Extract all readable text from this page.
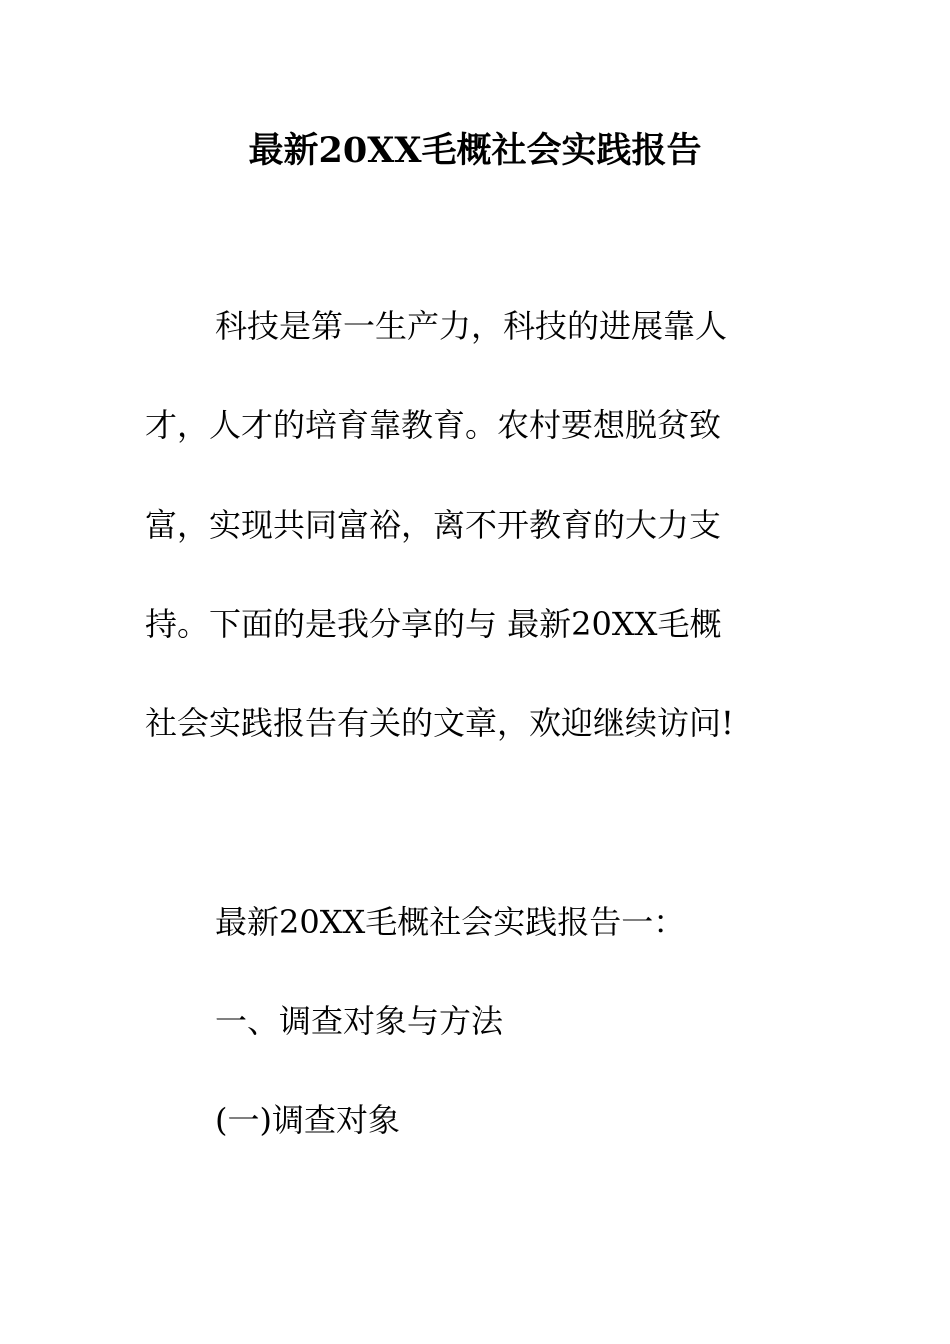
最新20XX毛概社会实践报告
科技是第一生产力，科技的进展靠人
才，人才的培育靠教育。农村要想脱贫致
富，实现共同富裕，离不开教育的大力支
持。下面的是我分享的与 最新20XX毛概
社会实践报告有关的文章，欢迎继续访问!
最新20XX毛概社会实践报告一：
一、调查对象与方法
(一)调查对象
